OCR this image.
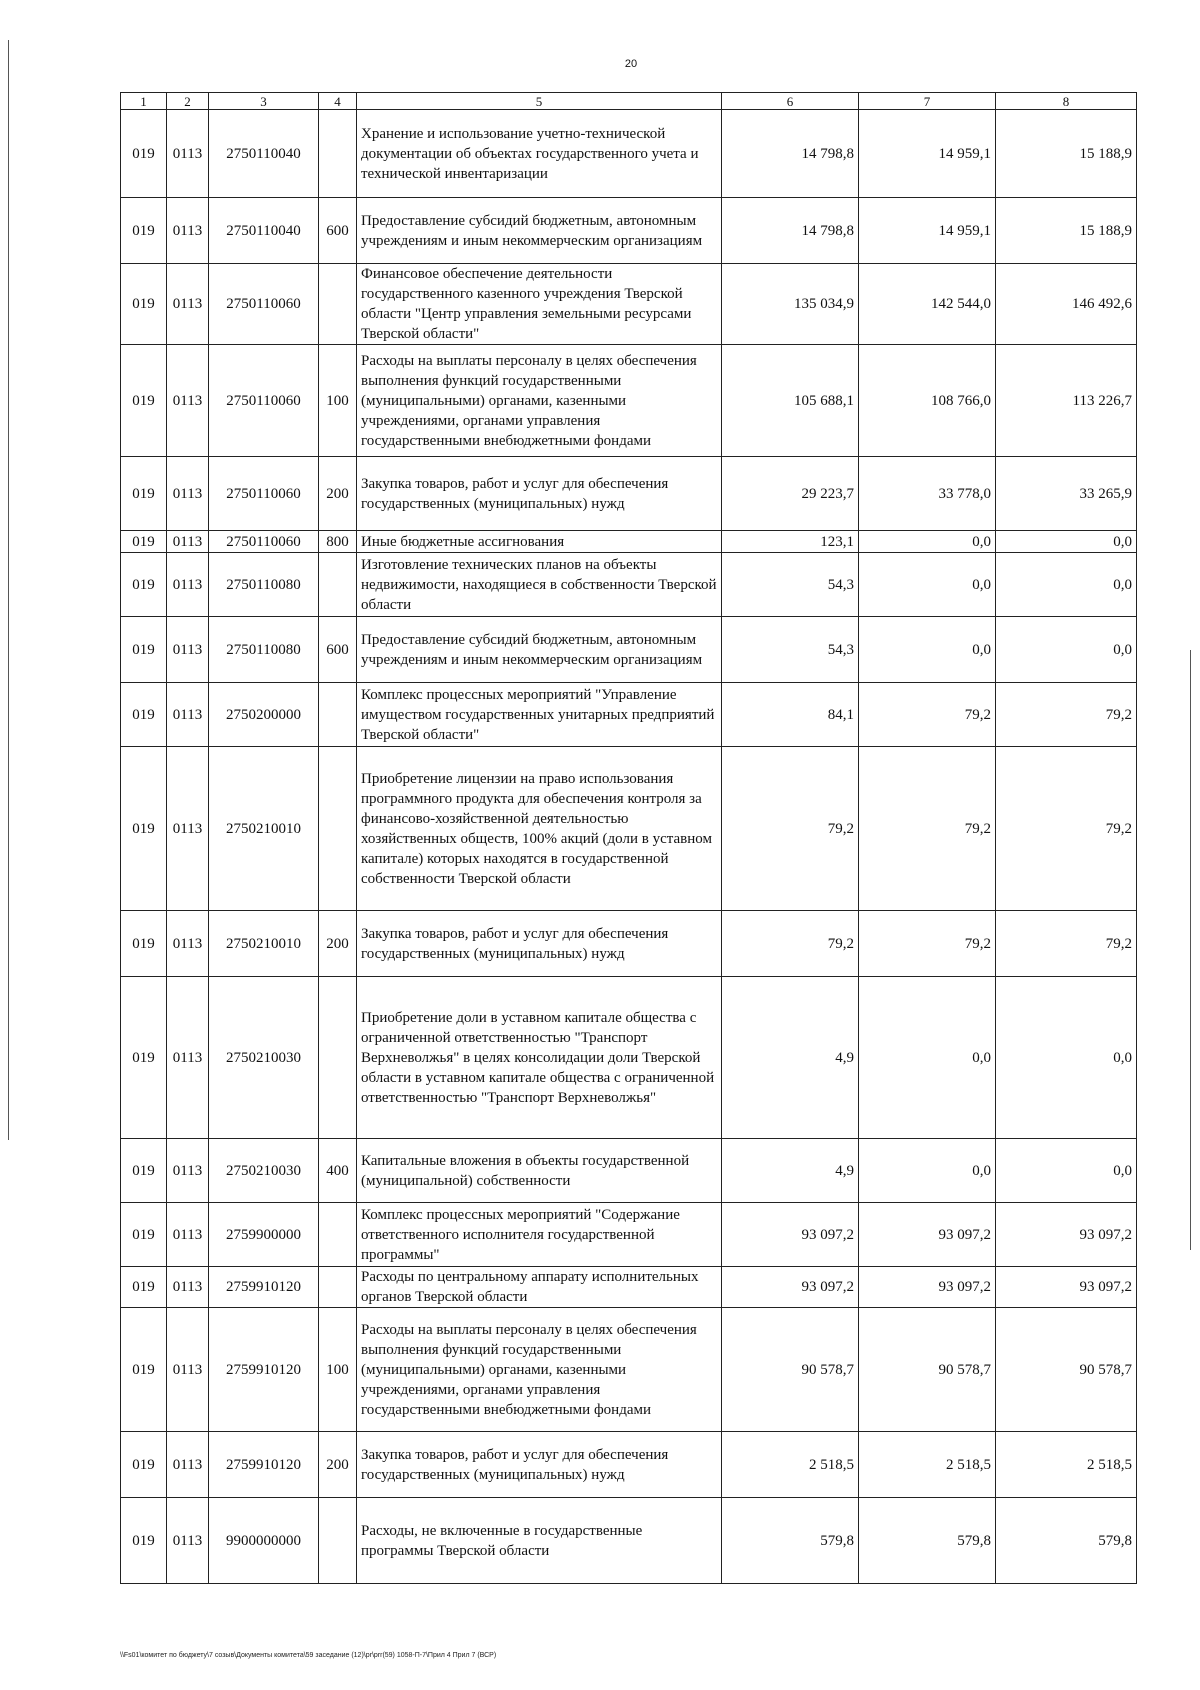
20
1	2	3	4	5	6	7	8
019	0113	2750110040		Хранение и использование учетно-технической документации об объектах государственного учета и технической инвентаризации	14 798,8	14 959,1	15 188,9
019	0113	2750110040	600	Предоставление субсидий бюджетным, автономным учреждениям и иным некоммерческим организациям	14 798,8	14 959,1	15 188,9
019	0113	2750110060		Финансовое обеспечение деятельности государственного казенного учреждения Тверской области "Центр управления земельными ресурсами Тверской области"	135 034,9	142 544,0	146 492,6
019	0113	2750110060	100	Расходы на выплаты персоналу в целях обеспечения выполнения функций государственными (муниципальными) органами, казенными учреждениями, органами управления государственными внебюджетными фондами	105 688,1	108 766,0	113 226,7
019	0113	2750110060	200	Закупка товаров, работ и услуг для обеспечения государственных (муниципальных) нужд	29 223,7	33 778,0	33 265,9
019	0113	2750110060	800	Иные бюджетные ассигнования	123,1	0,0	0,0
019	0113	2750110080		Изготовление технических планов на объекты недвижимости, находящиеся в собственности Тверской области	54,3	0,0	0,0
019	0113	2750110080	600	Предоставление субсидий бюджетным, автономным учреждениям и иным некоммерческим организациям	54,3	0,0	0,0
019	0113	2750200000		Комплекс процессных мероприятий "Управление имуществом государственных унитарных предприятий Тверской области"	84,1	79,2	79,2
019	0113	2750210010		Приобретение лицензии на право использования программного продукта для обеспечения контроля за финансово-хозяйственной деятельностью хозяйственных обществ, 100% акций (доли в уставном капитале) которых находятся в государственной собственности Тверской области	79,2	79,2	79,2
019	0113	2750210010	200	Закупка товаров, работ и услуг для обеспечения государственных (муниципальных) нужд	79,2	79,2	79,2
019	0113	2750210030		Приобретение доли в уставном капитале общества с ограниченной ответственностью "Транспорт Верхневолжья" в целях консолидации доли Тверской области в уставном капитале общества с ограниченной ответственностью "Транспорт Верхневолжья"	4,9	0,0	0,0
019	0113	2750210030	400	Капитальные вложения в объекты государственной (муниципальной) собственности	4,9	0,0	0,0
019	0113	2759900000		Комплекс процессных мероприятий "Содержание ответственного исполнителя государственной программы"	93 097,2	93 097,2	93 097,2
019	0113	2759910120		Расходы по центральному аппарату исполнительных органов Тверской области	93 097,2	93 097,2	93 097,2
019	0113	2759910120	100	Расходы на выплаты персоналу в целях обеспечения выполнения функций государственными (муниципальными) органами, казенными учреждениями, органами управления государственными внебюджетными фондами	90 578,7	90 578,7	90 578,7
019	0113	2759910120	200	Закупка товаров, работ и услуг для обеспечения государственных (муниципальных) нужд	2 518,5	2 518,5	2 518,5
019	0113	9900000000		Расходы, не включенные в государственные программы Тверской области	579,8	579,8	579,8
\\Fs01\комитет по бюджету\7 созыв\Документы комитета\59 заседание (12)\pr\prr(59) 1058-П-7\Прил 4 Прил 7 (ВСР)
